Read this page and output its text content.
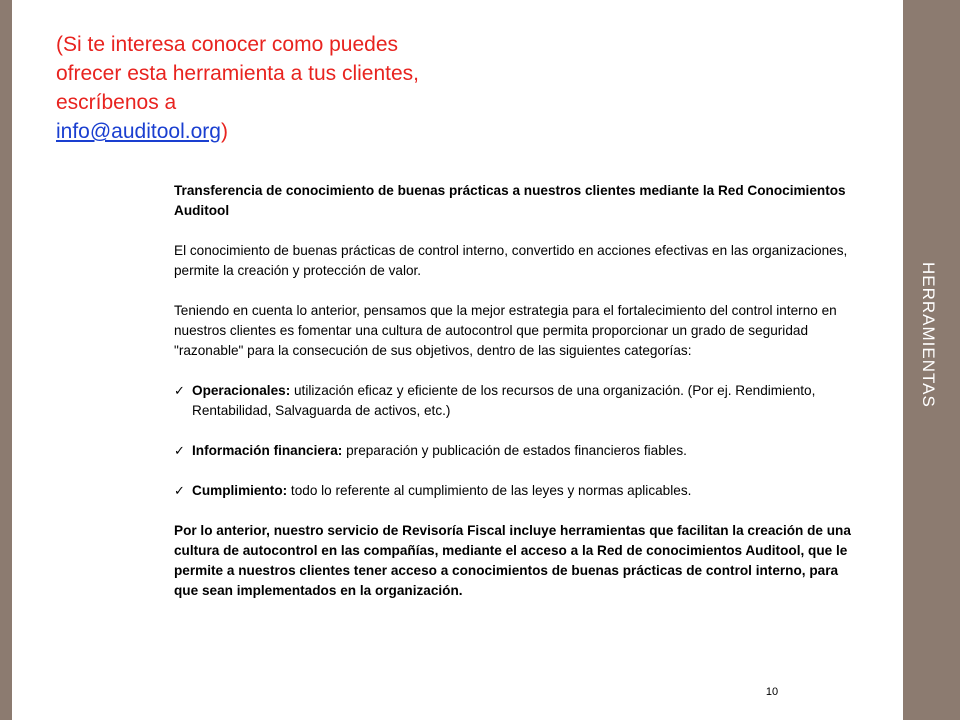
HERRAMIENTAS
(Si te interesa conocer como puedes
ofrecer esta herramienta a tus clientes,
escríbenos a
info@auditool.org)

Transferencia de conocimiento de buenas prácticas a nuestros clientes mediante la Red Conocimientos Auditool

El conocimiento de buenas prácticas de control interno, convertido en acciones efectivas en las organizaciones, permite la creación y protección de valor.

Teniendo en cuenta lo anterior, pensamos que la mejor estrategia para el fortalecimiento del control interno en nuestros clientes es fomentar una cultura de autocontrol que permita proporcionar un grado de seguridad "razonable" para la consecución de sus objetivos, dentro de las siguientes categorías:

✓ Operacionales: utilización eficaz y eficiente de los recursos de una organización. (Por ej. Rendimiento, Rentabilidad, Salvaguarda de activos, etc.)
✓ Información financiera: preparación y publicación de estados financieros fiables.
✓ Cumplimiento: todo lo referente al cumplimiento de las leyes y normas aplicables.

Por lo anterior, nuestro servicio de Revisoría Fiscal incluye herramientas que facilitan la creación de una cultura de autocontrol en las compañías, mediante el acceso a la Red de conocimientos Auditool, que le permite a nuestros clientes tener acceso a conocimientos de buenas prácticas de control interno, para que sean implementados en la organización.

10
